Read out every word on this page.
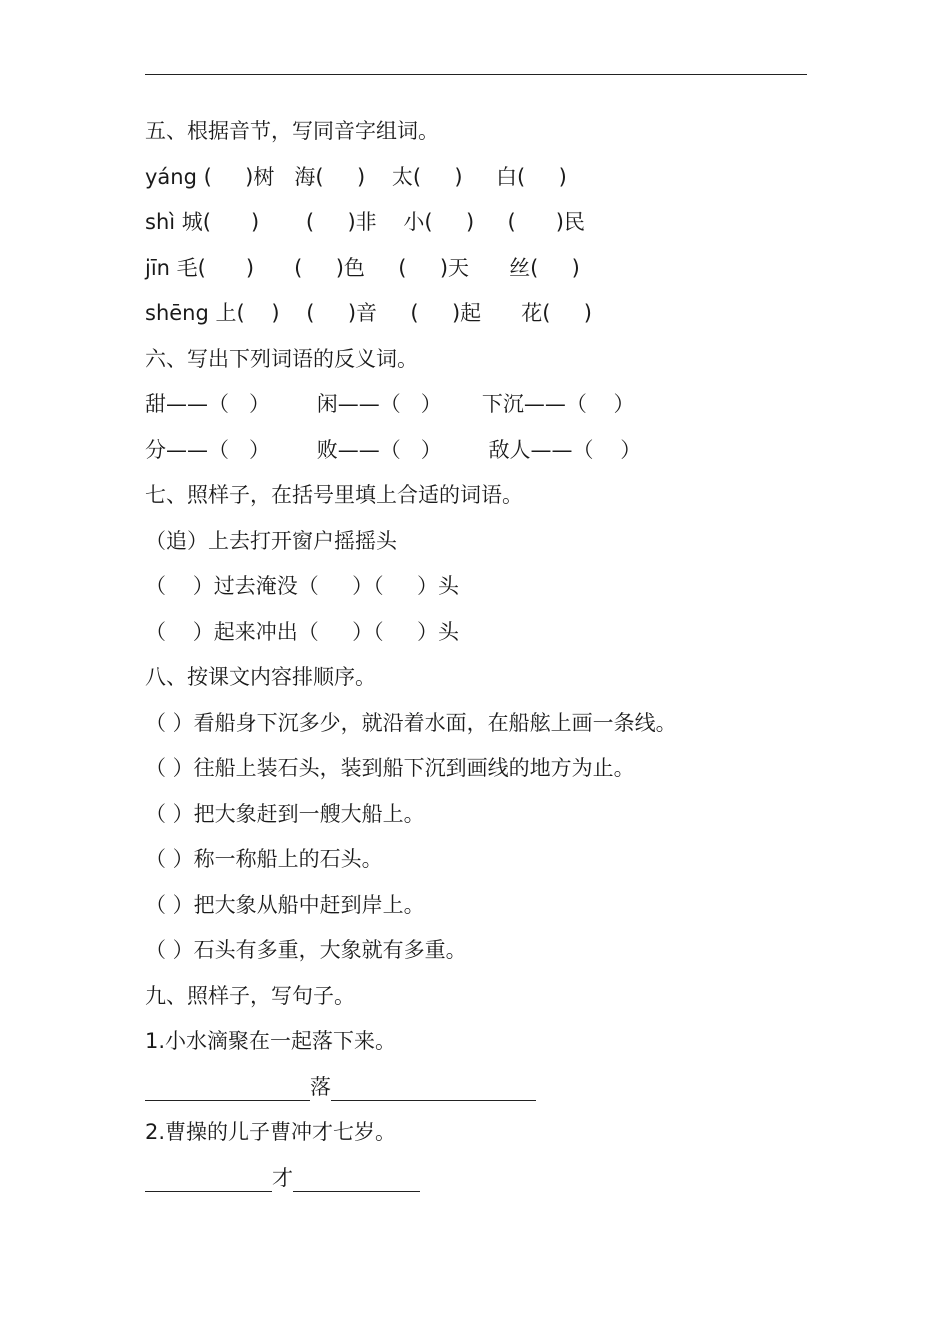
五、根据音节，写同音字组词。
yáng (     )树   海(     )    太(     )     白(     )
shì 城(      )       (     )非    小(     )     (      )民
jīn 毛(      )      (     )色     (     )天      丝(     )
shēng 上(    )    (     )音     (     )起      花(     )
六、写出下列词语的反义词。
甜——（   ）       闲——（   ）      下沉——（    ）
分——（   ）       败——（   ）       敌人——（    ）
七、照样子，在括号里填上合适的词语。
（追）上去打开窗户摇摇头
（    ）过去淹没（     ）（     ）头
（    ）起来冲出（     ）（     ）头
八、按课文内容排顺序。
（ ）看船身下沉多少，就沿着水面，在船舷上画一条线。
（ ）往船上装石头，装到船下沉到画线的地方为止。
（ ）把大象赶到一艘大船上。
（ ）称一称船上的石头。
（ ）把大象从船中赶到岸上。
（ ）石头有多重，大象就有多重。
九、照样子，写句子。
1.小水滴聚在一起落下来。
落
2.曹操的儿子曹冲才七岁。
才
